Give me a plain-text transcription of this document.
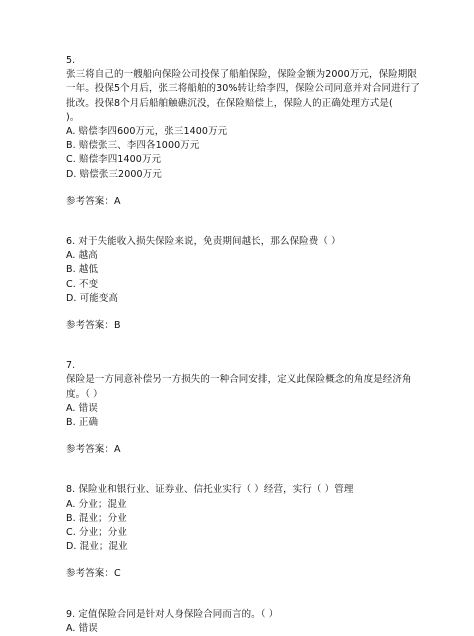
5.
张三将自己的一艘船向保险公司投保了船舶保险，保险金额为2000万元，保险期限
一年。投保5个月后，张三将船舶的30%转让给李四，保险公司同意并对合同进行了
批改。投保8个月后船舶触礁沉没，在保险赔偿上，保险人的正确处理方式是(
)。
A. 赔偿李四600万元，张三1400万元
B. 赔偿张三、李四各1000万元
C. 赔偿李四1400万元
D. 赔偿张三2000万元
参考答案：A
6. 对于失能收入损失保险来说，免责期间越长，那么保险费（ ）
A. 越高
B. 越低
C. 不变
D. 可能变高
参考答案：B
7.
保险是一方同意补偿另一方损失的一种合同安排，定义此保险概念的角度是经济角
度。（ ）
A. 错误
B. 正确
参考答案：A
8. 保险业和银行业、证券业、信托业实行（ ）经营，实行（ ）管理
A. 分业；混业
B. 混业；分业
C. 分业；分业
D. 混业；混业
参考答案：C
9. 定值保险合同是针对人身保险合同而言的。（ ）
A. 错误
